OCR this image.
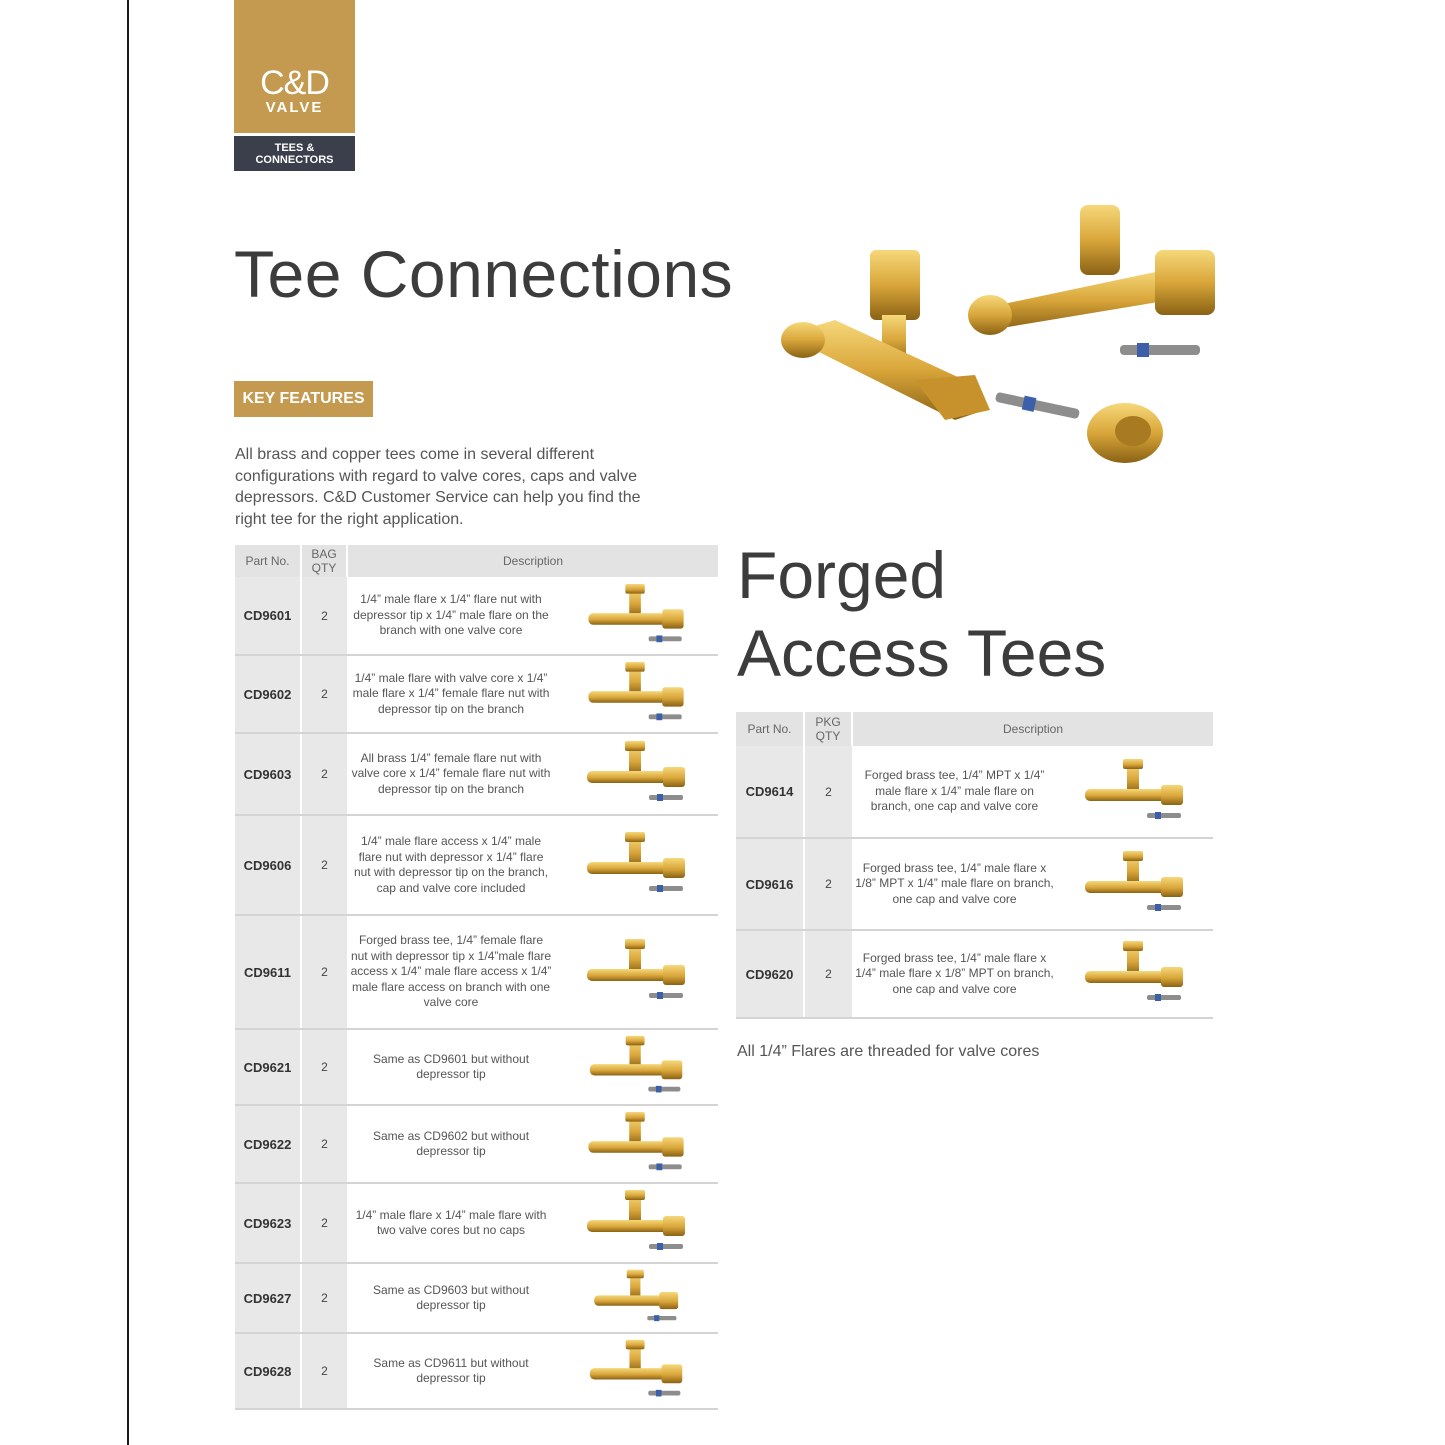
C&D
VALVE
TEES &
CONNECTORS
Tee Connections
KEY FEATURES

All brass and copper tees come in several different configurations with regard to valve cores, caps and valve depressors. C&D Customer Service can help you find the right tee for the right application.

Part No.	BAG QTY	Description	
CD9601	2	1/4” male flare x 1/4” flare nut with depressor tip x 1/4” male flare on the branch with one valve core	

CD9602	2	1/4” male flare with valve core x 1/4” male flare x 1/4” female flare nut with depressor tip on the branch	

CD9603	2	All brass 1/4” female flare nut with valve core x 1/4” female flare nut with depressor tip on the branch	

CD9606	2	1/4” male flare access x 1/4” male flare nut with depressor x 1/4” flare nut with depressor tip on the branch, cap and valve core included	

CD9611	2	Forged brass tee, 1/4” female flare nut with depressor tip x 1/4”male flare access x 1/4” male flare access x 1/4” male flare access on branch with one valve core	

CD9621	2	Same as CD9601 but without depressor tip	

CD9622	2	Same as CD9602 but without depressor tip	

CD9623	2	1/4” male flare x 1/4” male flare with two valve cores but no caps	

CD9627	2	Same as CD9603 but without depressor tip	

CD9628	2	Same as CD9611 but without depressor tip	
Forged
Access Tees
Part No.	PKG QTY	Description	
CD9614	2	Forged brass tee, 1/4” MPT x 1/4” male flare x 1/4” male flare on branch, one cap and valve core	

CD9616	2	Forged brass tee, 1/4” male flare x 1/8” MPT x 1/4” male flare on branch, one cap and valve core	

CD9620	2	Forged brass tee, 1/4” male flare x 1/4” male flare x 1/8” MPT on branch, one cap and valve core	
All 1/4” Flares are threaded for valve cores
